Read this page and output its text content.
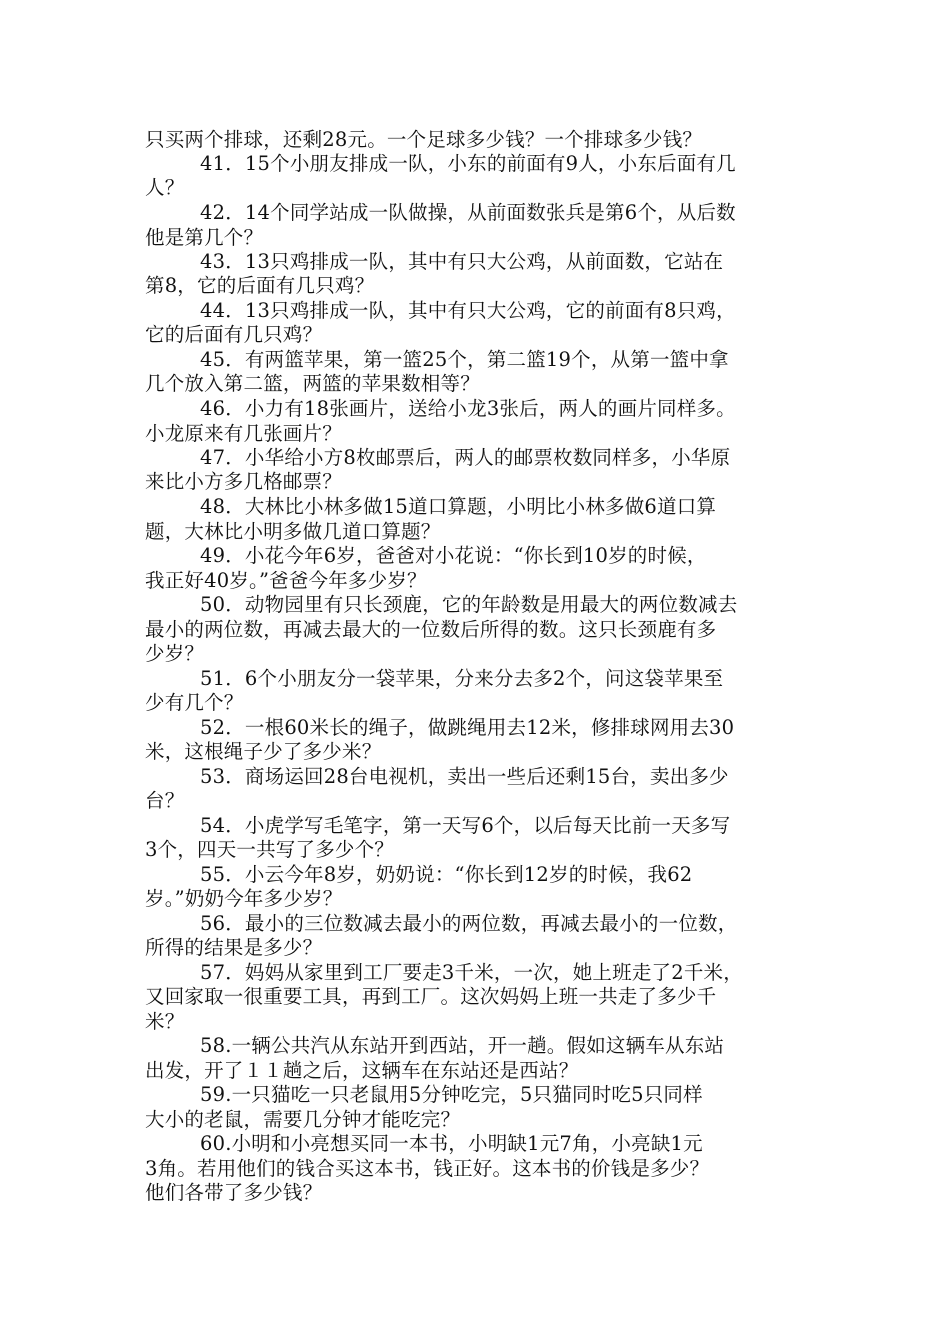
只买两个排球，还剩28元。一个足球多少钱？一个排球多少钱？
41．15个小朋友排成一队，小东的前面有9人，小东后面有几
人？
42．14个同学站成一队做操，从前面数张兵是第6个，从后数
他是第几个？
43．13只鸡排成一队，其中有只大公鸡，从前面数，它站在
第8，它的后面有几只鸡？
44．13只鸡排成一队，其中有只大公鸡，它的前面有8只鸡，
它的后面有几只鸡？
45．有两篮苹果，第一篮25个，第二篮19个，从第一篮中拿
几个放入第二篮，两篮的苹果数相等？
46．小力有18张画片，送给小龙3张后，两人的画片同样多。
小龙原来有几张画片？
47．小华给小方8枚邮票后，两人的邮票枚数同样多，小华原
来比小方多几格邮票？
48．大林比小林多做15道口算题，小明比小林多做6道口算
题，大林比小明多做几道口算题？
49．小花今年6岁，爸爸对小花说：“你长到10岁的时候，
我正好40岁。”爸爸今年多少岁？
50．动物园里有只长颈鹿，它的年龄数是用最大的两位数减去
最小的两位数，再减去最大的一位数后所得的数。这只长颈鹿有多
少岁？
51．6个小朋友分一袋苹果，分来分去多2个，问这袋苹果至
少有几个？
52．一根60米长的绳子，做跳绳用去12米，修排球网用去30
米，这根绳子少了多少米？
53．商场运回28台电视机，卖出一些后还剩15台，卖出多少
台？
54．小虎学写毛笔字，第一天写6个，以后每天比前一天多写
3个，四天一共写了多少个？
55．小云今年8岁，奶奶说：“你长到12岁的时候，我62
岁。”奶奶今年多少岁？
56．最小的三位数减去最小的两位数，再减去最小的一位数，
所得的结果是多少？
57．妈妈从家里到工厂要走3千米，一次，她上班走了2千米，
又回家取一很重要工具，再到工厂。这次妈妈上班一共走了多少千
米？
58.一辆公共汽从东站开到西站，开一趟。假如这辆车从东站
出发，开了１１趟之后，这辆车在东站还是西站？
59.一只猫吃一只老鼠用5分钟吃完，5只猫同时吃5只同样
大小的老鼠，需要几分钟才能吃完？
60.小明和小亮想买同一本书，小明缺1元7角，小亮缺1元
3角。若用他们的钱合买这本书，钱正好。这本书的价钱是多少？
他们各带了多少钱？
